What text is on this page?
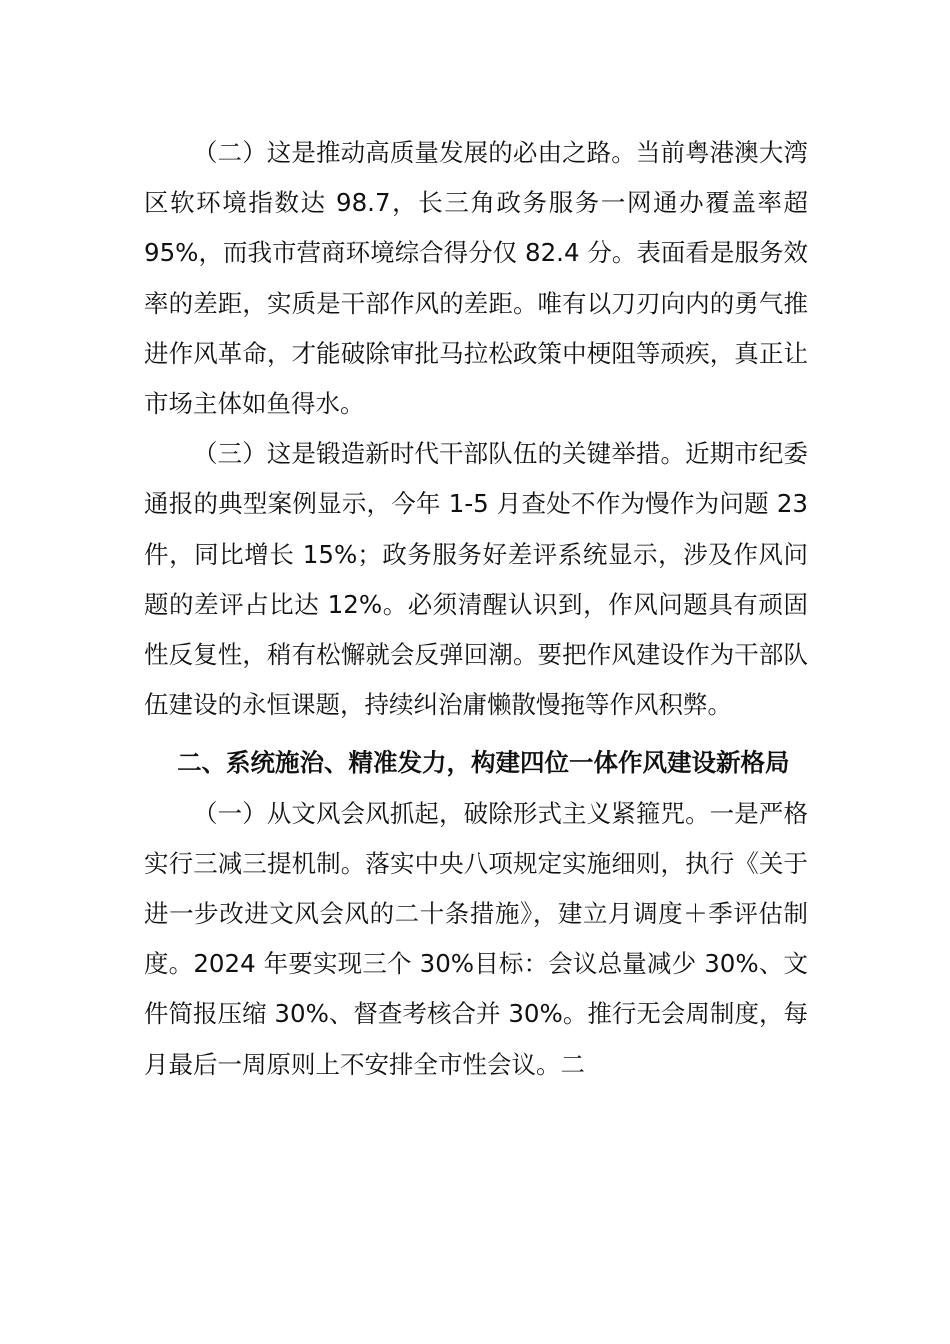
（二）这是推动高质量发展的必由之路。当前粤港澳大湾区软环境指数达 98.7，长三角政务服务一网通办覆盖率超 95%，而我市营商环境综合得分仅 82.4 分。表面看是服务效率的差距，实质是干部作风的差距。唯有以刀刃向内的勇气推进作风革命，才能破除审批马拉松政策中梗阻等顽疾，真正让市场主体如鱼得水。

（三）这是锻造新时代干部队伍的关键举措。近期市纪委通报的典型案例显示，今年 1-5 月查处不作为慢作为问题 23 件，同比增长 15%；政务服务好差评系统显示，涉及作风问题的差评占比达 12%。必须清醒认识到，作风问题具有顽固性反复性，稍有松懈就会反弹回潮。要把作风建设作为干部队伍建设的永恒课题，持续纠治庸懒散慢拖等作风积弊。

二、系统施治、精准发力，构建四位一体作风建设新格局

（一）从文风会风抓起，破除形式主义紧箍咒。一是严格实行三减三提机制。落实中央八项规定实施细则，执行《关于进一步改进文风会风的二十条措施》，建立月调度＋季评估制度。2024 年要实现三个 30%目标：会议总量减少 30%、文件简报压缩 30%、督查考核合并 30%。推行无会周制度，每月最后一周原则上不安排全市性会议。二
